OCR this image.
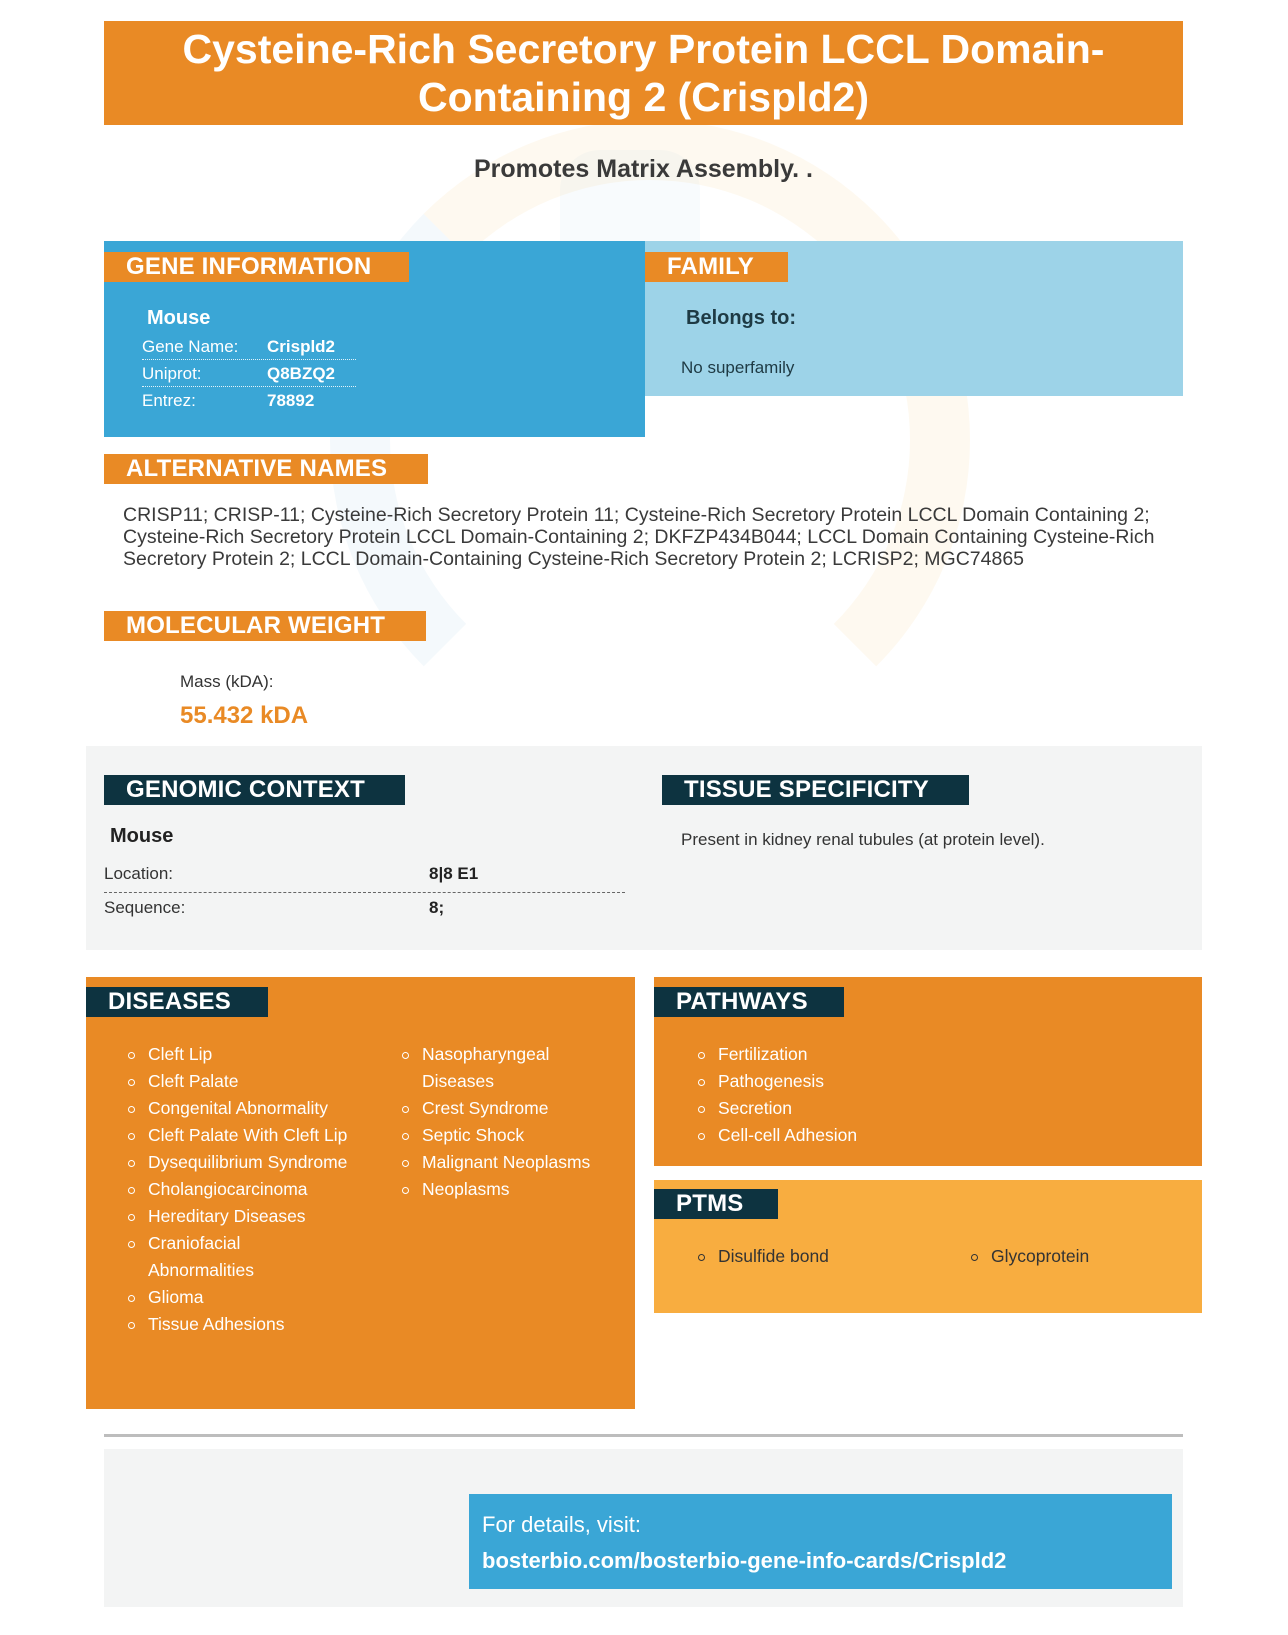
Cysteine-Rich Secretory Protein LCCL Domain-Containing 2 (Crispld2)
Promotes Matrix Assembly. .
GENE INFORMATION
Mouse
Gene Name: Crispld2
Uniprot:	Q8BZQ2
Entrez:	78892
FAMILY
Belongs to:
No superfamily
ALTERNATIVE NAMES
CRISP11; CRISP-11; Cysteine-Rich Secretory Protein 11; Cysteine-Rich Secretory Protein LCCL Domain Containing 2; Cysteine-Rich Secretory Protein LCCL Domain-Containing 2; DKFZP434B044; LCCL Domain Containing Cysteine-Rich Secretory Protein 2; LCCL Domain-Containing Cysteine-Rich Secretory Protein 2; LCRISP2; MGC74865
MOLECULAR WEIGHT
Mass (kDA):
55.432 kDA
GENOMIC CONTEXT
Mouse
Location:	8|8 E1
Sequence:	8;
TISSUE SPECIFICITY
Present in kidney renal tubules (at protein level).
DISEASES
Cleft Lip
Cleft Palate
Congenital Abnormality
Cleft Palate With Cleft Lip
Dysequilibrium Syndrome
Cholangiocarcinoma
Hereditary Diseases
Craniofacial Abnormalities
Glioma
Tissue Adhesions
Nasopharyngeal Diseases
Crest Syndrome
Septic Shock
Malignant Neoplasms
Neoplasms
PATHWAYS
Fertilization
Pathogenesis
Secretion
Cell-cell Adhesion
PTMS
Disulfide bond	Glycoprotein
For details, visit:
bosterbio.com/bosterbio-gene-info-cards/Crispld2
